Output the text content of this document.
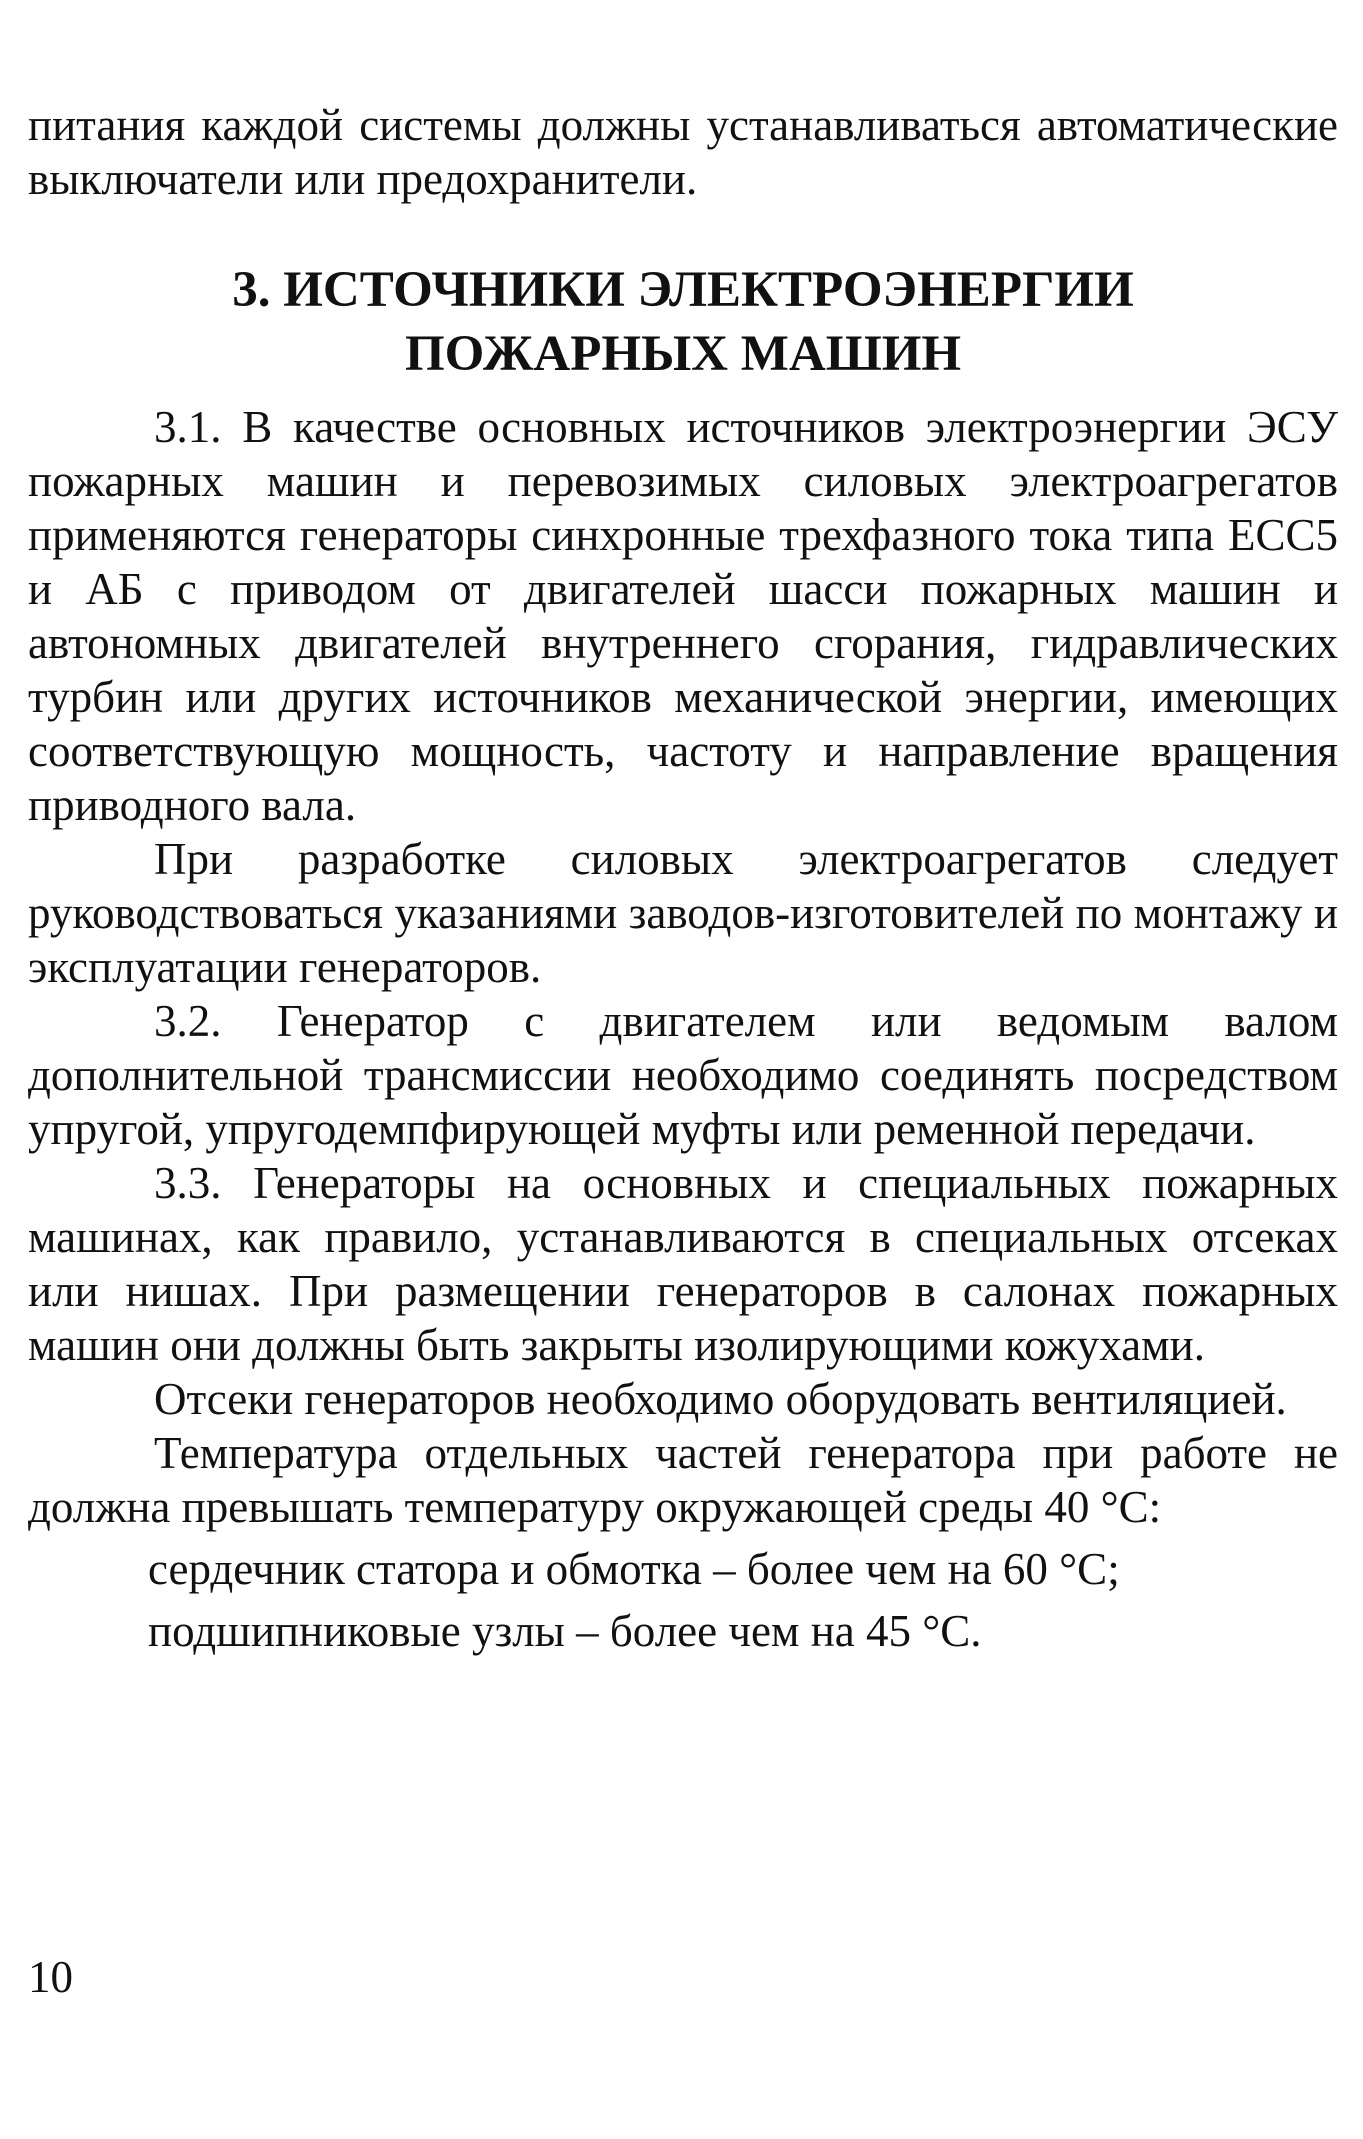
питания каждой системы должны устанавливаться автоматические выключатели или предохранители.
3. ИСТОЧНИКИ ЭЛЕКТРОЭНЕРГИИ
ПОЖАРНЫХ МАШИН

3.1. В качестве основных источников электроэнергии ЭСУ пожарных машин и перевозимых силовых электроагрегатов применяются генераторы синхронные трехфазного тока типа ЕСС5 и АБ с приводом от двигателей шасси пожарных машин и автономных двигателей внутреннего сгорания, гидравлических турбин или других источников механической энергии, имеющих соответствующую мощность, частоту и направление вращения приводного вала.

При разработке силовых электроагрегатов следует руководствоваться указаниями заводов-изготовителей по монтажу и эксплуатации генераторов.

3.2. Генератор с двигателем или ведомым валом дополнительной трансмиссии необходимо соединять посредством упругой, упругодемпфирующей муфты или ременной передачи.

3.3. Генераторы на основных и специальных пожарных машинах, как правило, устанавливаются в специальных отсеках или нишах. При размещении генераторов в салонах пожарных машин они должны быть закрыты изолирующими кожухами.

Отсеки генераторов необходимо оборудовать вентиляцией.

Температура отдельных частей генератора при работе не должна превышать температуру окружающей среды 40 °С:

сердечник статора и обмотка – более чем на 60 °С;

подшипниковые узлы – более чем на 45 °С.

10
